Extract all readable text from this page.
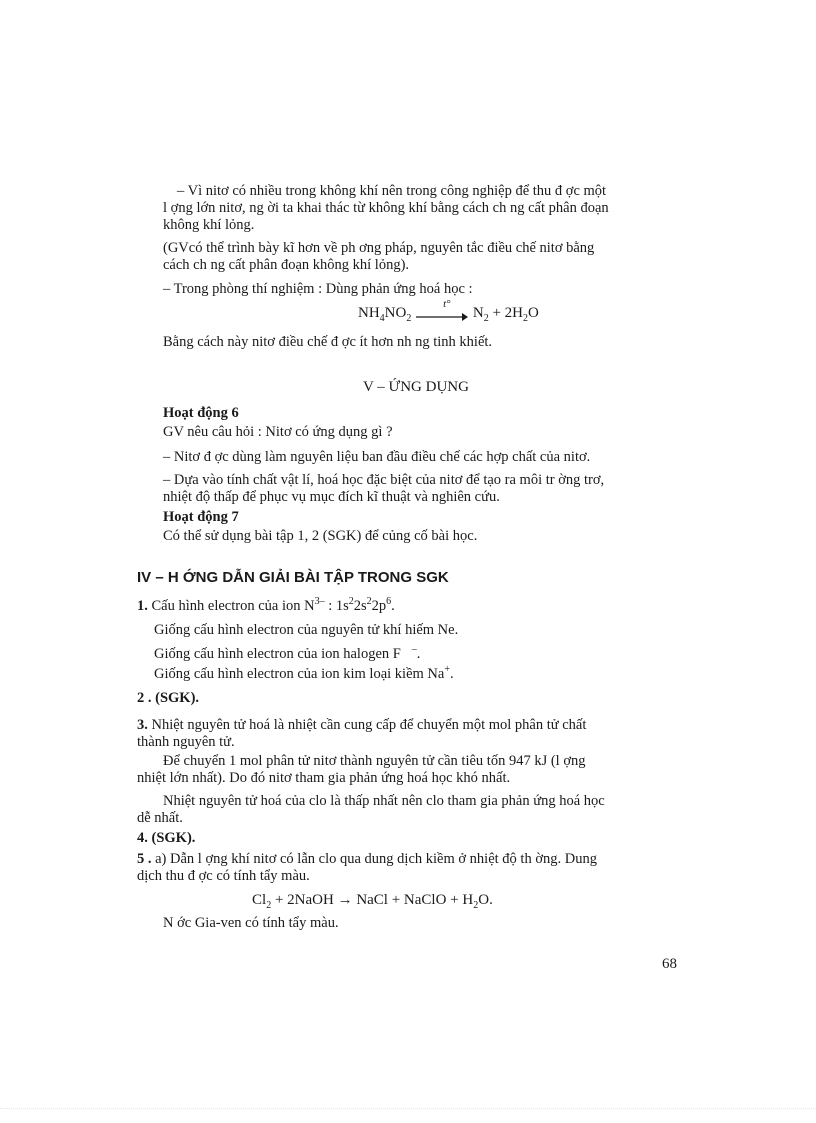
– Vì nitơ có nhiều trong không khí nên trong công nghiệp để thu đ ợc một

l ợng lớn nitơ, ng ời ta khai thác từ không khí bằng cách ch ng cất phân đoạn

không khí lỏng.

(GVcó thể trình bày kĩ hơn về ph ơng pháp, nguyên tắc điều chế nitơ bằng

cách ch ng cất phân đoạn không khí lỏng).

– Trong phòng thí nghiệm : Dùng phản ứng hoá học :

$NH_4NO_2$
t°
$N_2 + 2H_2O$

Bằng cách này nitơ điều chế đ ợc ít hơn nh ng tinh khiết.

V – ỨNG DỤNG

Hoạt động 6

GV nêu câu hỏi : Nitơ có ứng dụng gì ?

– Nitơ đ ợc dùng làm nguyên liệu ban đầu điều chế các hợp chất của nitơ.

– Dựa vào tính chất vật lí, hoá học đặc biệt của nitơ để tạo ra môi tr ờng trơ,

nhiệt độ thấp để phục vụ mục đích kĩ thuật và nghiên cứu.

Hoạt động 7

Có thể sử dụng bài tập 1, 2 (SGK) để củng cố bài học.

IV – H ỚNG DẪN GIẢI BÀI TẬP TRONG SGK

1. Cấu hình electron của ion $N^{3-}$ : $1s^22s^22p^6$.

Giống cấu hình electron của nguyên tử khí hiếm Ne.

Giống cấu hình electron của ion halogen F –.

Giống cấu hình electron của ion kim loại kiềm Na+.

2 . (SGK).

3. Nhiệt nguyên tử hoá là nhiệt cần cung cấp để chuyển một mol phân tử chất

thành nguyên tử.

Để chuyển 1 mol phân tử nitơ thành nguyên tử cần tiêu tốn 947 kJ (l ợng

nhiệt lớn nhất). Do đó nitơ tham gia phản ứng hoá học khó nhất.

Nhiệt nguyên tử hoá của clo là thấp nhất nên clo tham gia phản ứng hoá học

dễ nhất.

4. (SGK).

5 . a) Dẫn l ợng khí nitơ có lẫn clo qua dung dịch kiềm ở nhiệt độ th ờng. Dung

dịch thu đ ợc có tính tẩy màu.

$Cl_2$ + 2NaOH → NaCl + NaClO + $H_2O$.

N ớc Gia-ven có tính tẩy màu.

68
